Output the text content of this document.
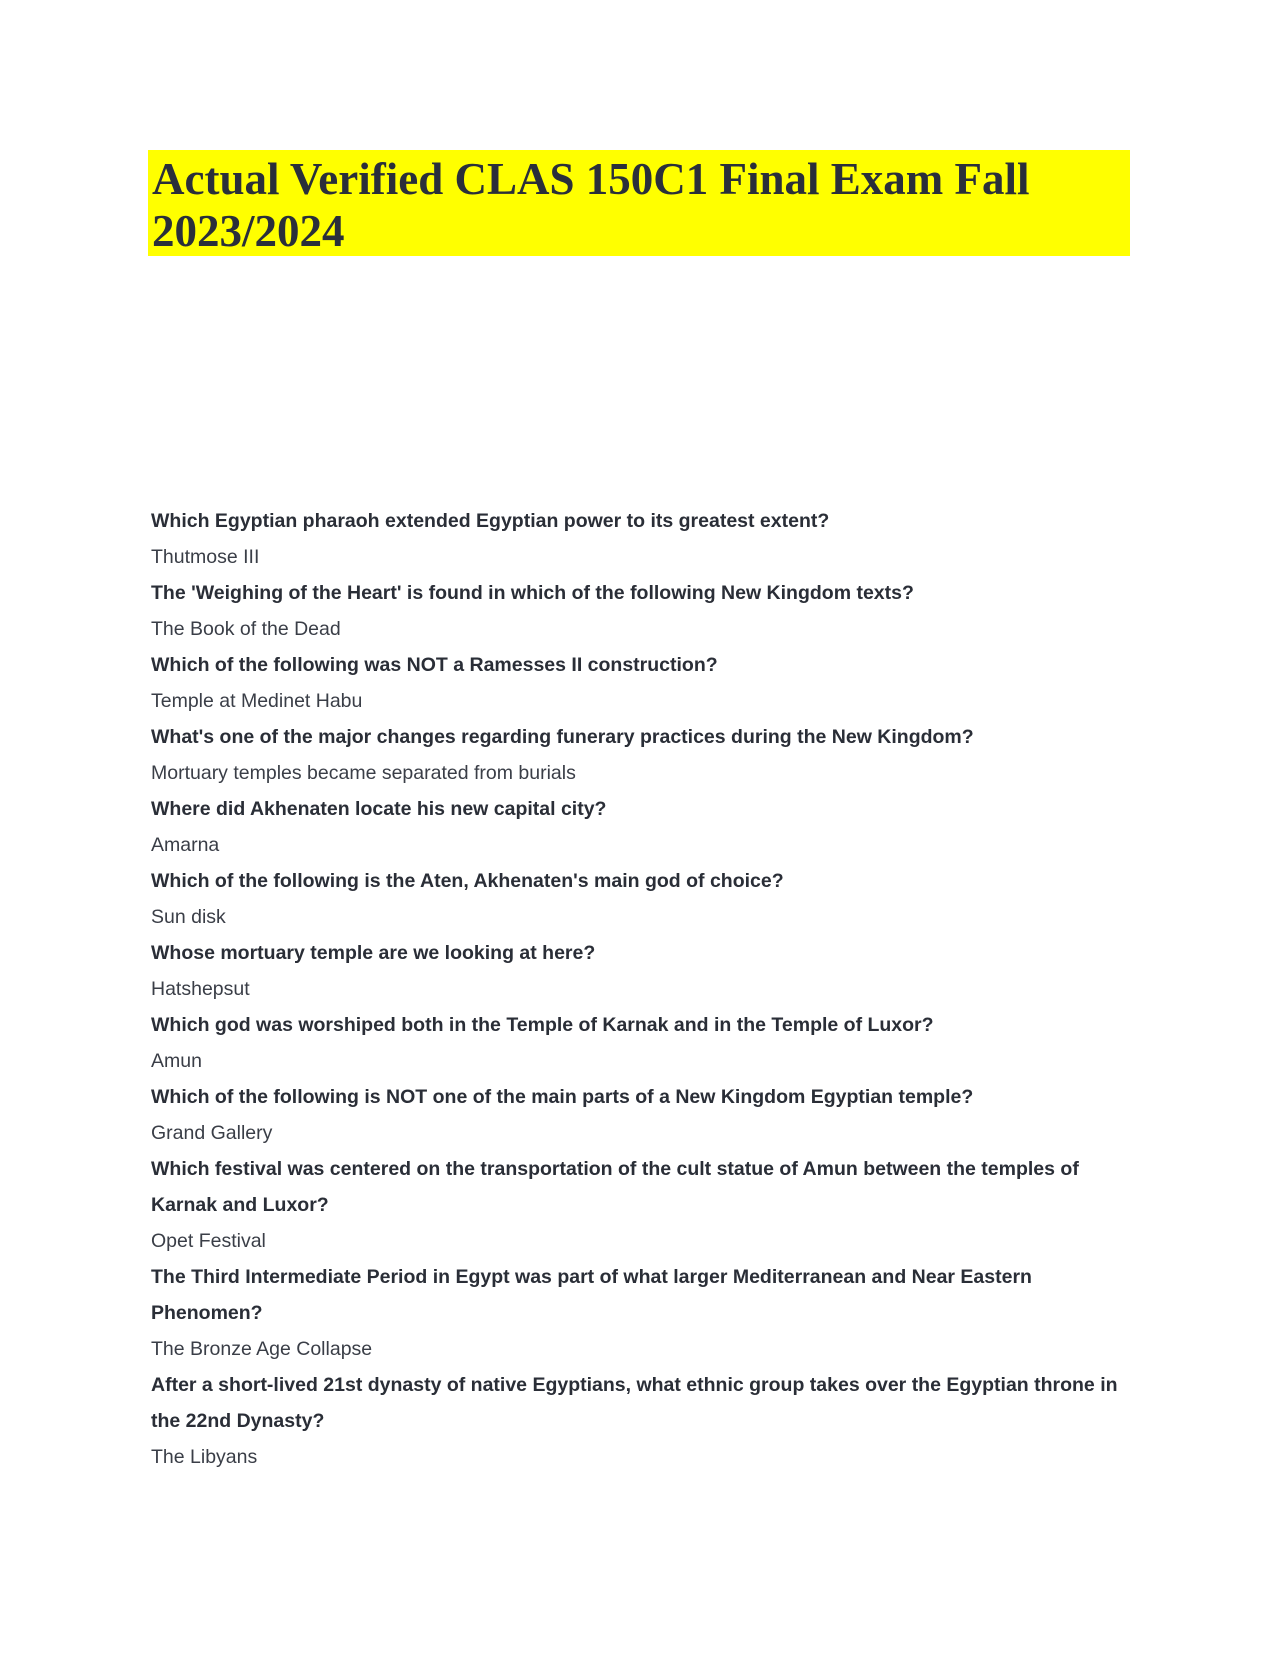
Actual Verified CLAS 150C1 Final Exam Fall 2023/2024

Which Egyptian pharaoh extended Egyptian power to its greatest extent?

Thutmose III

The 'Weighing of the Heart' is found in which of the following New Kingdom texts?

The Book of the Dead

Which of the following was NOT a Ramesses II construction?

Temple at Medinet Habu

What's one of the major changes regarding funerary practices during the New Kingdom?

Mortuary temples became separated from burials

Where did Akhenaten locate his new capital city?

Amarna

Which of the following is the Aten, Akhenaten's main god of choice?

Sun disk

Whose mortuary temple are we looking at here?

Hatshepsut

Which god was worshiped both in the Temple of Karnak and in the Temple of Luxor?

Amun

Which of the following is NOT one of the main parts of a New Kingdom Egyptian temple?

Grand Gallery

Which festival was centered on the transportation of the cult statue of Amun between the temples of Karnak and Luxor?

Opet Festival

The Third Intermediate Period in Egypt was part of what larger Mediterranean and Near Eastern Phenomen?

The Bronze Age Collapse

After a short-lived 21st dynasty of native Egyptians, what ethnic group takes over the Egyptian throne in the 22nd Dynasty?

The Libyans
